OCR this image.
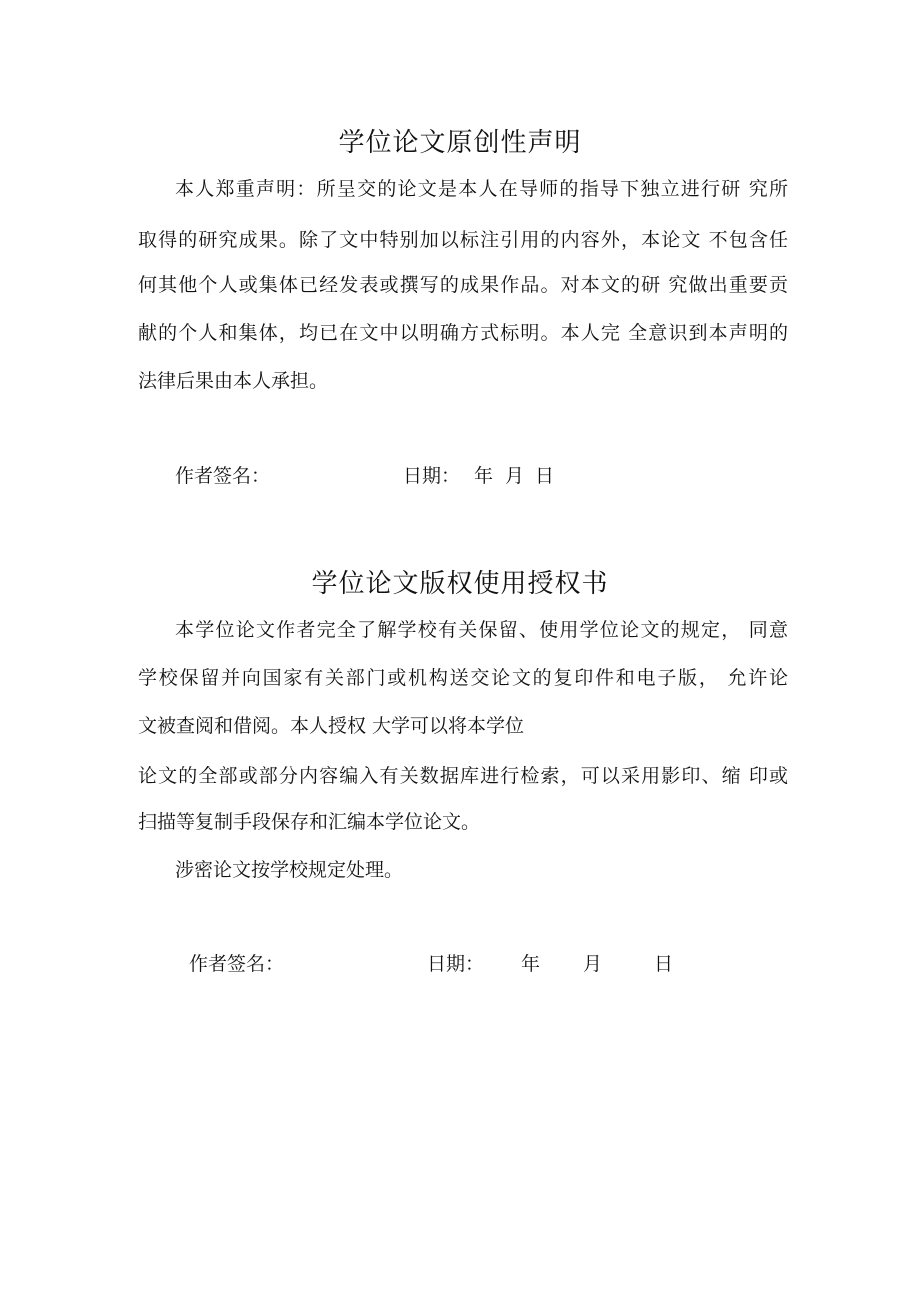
学位论文原创性声明
本人郑重声明：所呈交的论文是本人在导师的指导下独立进行研 究所
取得的研究成果。除了文中特别加以标注引用的内容外，本论文 不包含任
何其他个人或集体已经发表或撰写的成果作品。对本文的研 究做出重要贡
献的个人和集体，均已在文中以明确方式标明。本人完 全意识到本声明的
法律后果由本人承担。
作者签名：	日期： 年 月 日
学位论文版权使用授权书
本学位论文作者完全了解学校有关保留、使用学位论文的规定， 同意
学校保留并向国家有关部门或机构送交论文的复印件和电子版， 允许论
文被查阅和借阅。本人授权 大学可以将本学位
论文的全部或部分内容编入有关数据库进行检索，可以采用影印、缩 印或
扫描等复制手段保存和汇编本学位论文。
涉密论文按学校规定处理。
作者签名：	日期： 年 月	日
